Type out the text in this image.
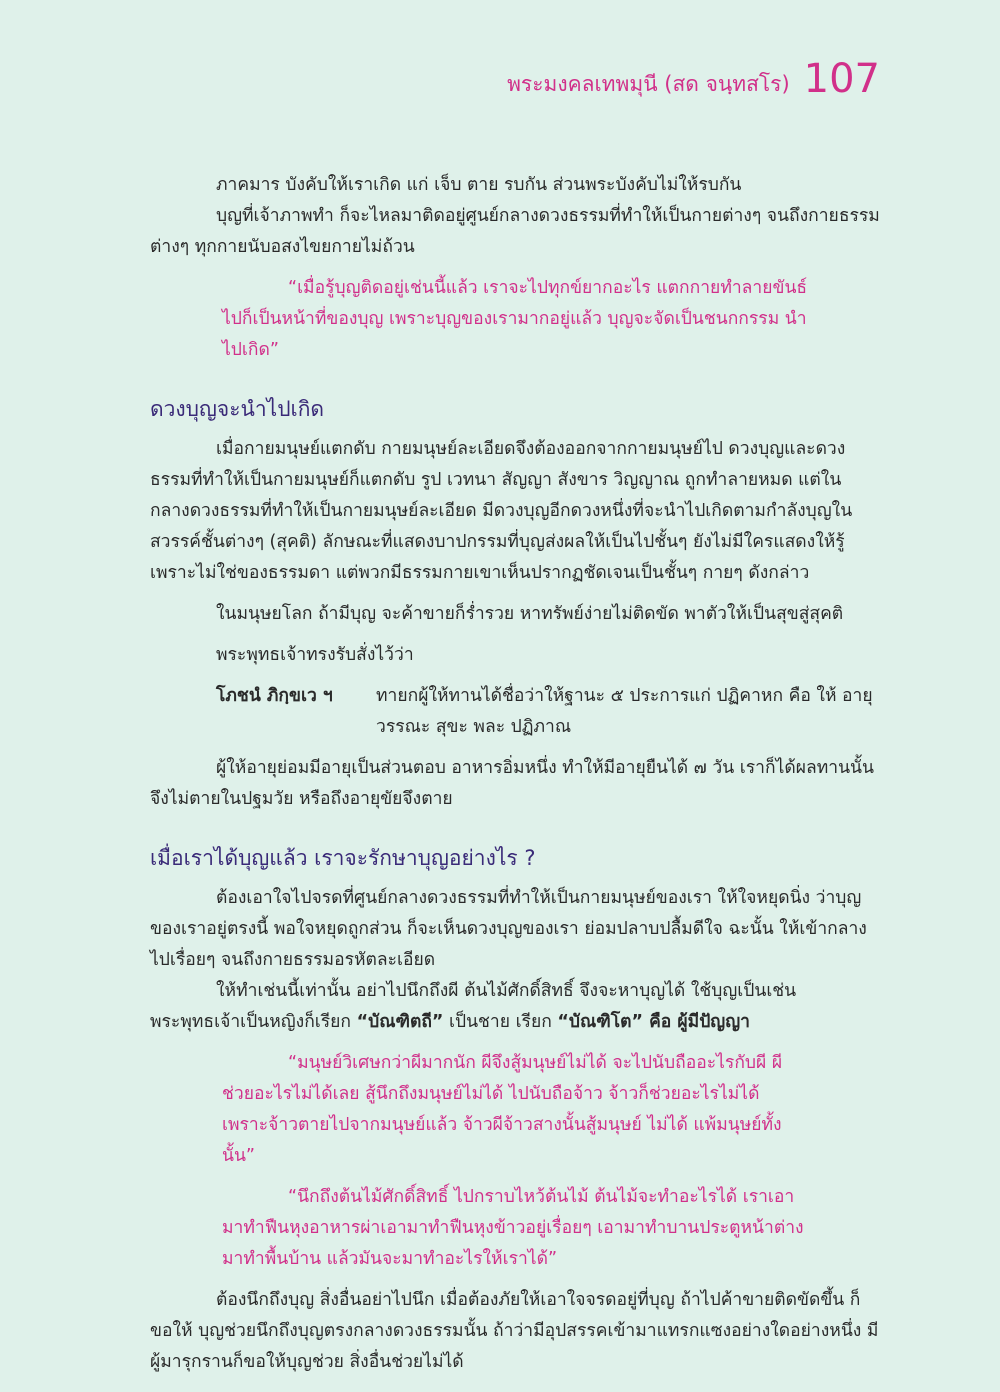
พระมงคลเทพมุนี (สด จนฺทสโร) 107

ภาคมาร บังคับให้เราเกิด แก่ เจ็บ ตาย รบกัน ส่วนพระบังคับไม่ให้รบกัน

บุญที่เจ้าภาพทำ ก็จะไหลมาติดอยู่ศูนย์กลางดวงธรรมที่ทำให้เป็นกายต่างๆ จนถึงกายธรรมต่างๆ ทุกกายนับอสงไขยกายไม่ถ้วน

“เมื่อรู้บุญติดอยู่เช่นนี้แล้ว เราจะไปทุกข์ยากอะไร แตกกายทำลายขันธ์ไปก็เป็นหน้าที่ของบุญ เพราะบุญของเรามากอยู่แล้ว บุญจะจัดเป็นชนกกรรม นำไปเกิด”

ดวงบุญจะนำไปเกิด

เมื่อกายมนุษย์แตกดับ กายมนุษย์ละเอียดจึงต้องออกจากกายมนุษย์ไป ดวงบุญและดวงธรรมที่ทำให้เป็นกายมนุษย์ก็แตกดับ รูป เวทนา สัญญา สังขาร วิญญาณ ถูกทำลายหมด แต่ในกลางดวงธรรมที่ทำให้เป็นกายมนุษย์ละเอียด มีดวงบุญอีกดวงหนึ่งที่จะนำไปเกิดตามกำลังบุญในสวรรค์ชั้นต่างๆ (สุคติ) ลักษณะที่แสดงบาปกรรมที่บุญส่งผลให้เป็นไปชั้นๆ ยังไม่มีใครแสดงให้รู้ เพราะไม่ใช่ของธรรมดา แต่พวกมีธรรมกายเขาเห็นปรากฏชัดเจนเป็นชั้นๆ กายๆ ดังกล่าว

ในมนุษยโลก ถ้ามีบุญ จะค้าขายก็ร่ำรวย หาทรัพย์ง่ายไม่ติดขัด พาตัวให้เป็นสุขสู่สุคติ

พระพุทธเจ้าทรงรับสั่งไว้ว่า

โภชนํ ภิกฺขเว ฯ	ทายกผู้ให้ทานได้ชื่อว่าให้ฐานะ ๕ ประการแก่ ปฏิคาหก คือ ให้ อายุ วรรณะ สุขะ พละ ปฏิภาณ

ผู้ให้อายุย่อมมีอายุเป็นส่วนตอบ อาหารอิ่มหนึ่ง ทำให้มีอายุยืนได้ ๗ วัน เราก็ได้ผลทานนั้น จึงไม่ตายในปฐมวัย หรือถึงอายุขัยจึงตาย

เมื่อเราได้บุญแล้ว เราจะรักษาบุญอย่างไร ?

ต้องเอาใจไปจรดที่ศูนย์กลางดวงธรรมที่ทำให้เป็นกายมนุษย์ของเรา ให้ใจหยุดนิ่ง ว่าบุญของเราอยู่ตรงนี้ พอใจหยุดถูกส่วน ก็จะเห็นดวงบุญของเรา ย่อมปลาบปลื้มดีใจ ฉะนั้น ให้เข้ากลางไปเรื่อยๆ จนถึงกายธรรมอรหัตละเอียด

ให้ทำเช่นนี้เท่านั้น อย่าไปนึกถึงผี ต้นไม้ศักดิ์สิทธิ์ จึงจะหาบุญได้ ใช้บุญเป็นเช่น พระพุทธเจ้าเป็นหญิงก็เรียก “บัณฑิตถี” เป็นชาย เรียก “บัณฑิโต” คือ ผู้มีปัญญา

“มนุษย์วิเศษกว่าผีมากนัก ผีจึงสู้มนุษย์ไม่ได้ จะไปนับถืออะไรกับผี ผีช่วยอะไรไม่ได้เลย สู้นึกถึงมนุษย์ไม่ได้ ไปนับถือจ้าว จ้าวก็ช่วยอะไรไม่ได้ เพราะจ้าวตายไปจากมนุษย์แล้ว จ้าวผีจ้าวสางนั้นสู้มนุษย์ ไม่ได้ แพ้มนุษย์ทั้งนั้น”

“นึกถึงต้นไม้ศักดิ์สิทธิ์ ไปกราบไหว้ต้นไม้ ต้นไม้จะทำอะไรได้ เราเอามาทำฟืนหุงอาหารผ่าเอามาทำฟืนหุงข้าวอยู่เรื่อยๆ เอามาทำบานประตูหน้าต่างมาทำพื้นบ้าน แล้วมันจะมาทำอะไรให้เราได้”

ต้องนึกถึงบุญ สิ่งอื่นอย่าไปนึก เมื่อต้องภัยให้เอาใจจรดอยู่ที่บุญ ถ้าไปค้าขายติดขัดขึ้น ก็ขอให้ บุญช่วยนึกถึงบุญตรงกลางดวงธรรมนั้น ถ้าว่ามีอุปสรรคเข้ามาแทรกแซงอย่างใดอย่างหนึ่ง มีผู้มารุกรานก็ขอให้บุญช่วย สิ่งอื่นช่วยไม่ได้
